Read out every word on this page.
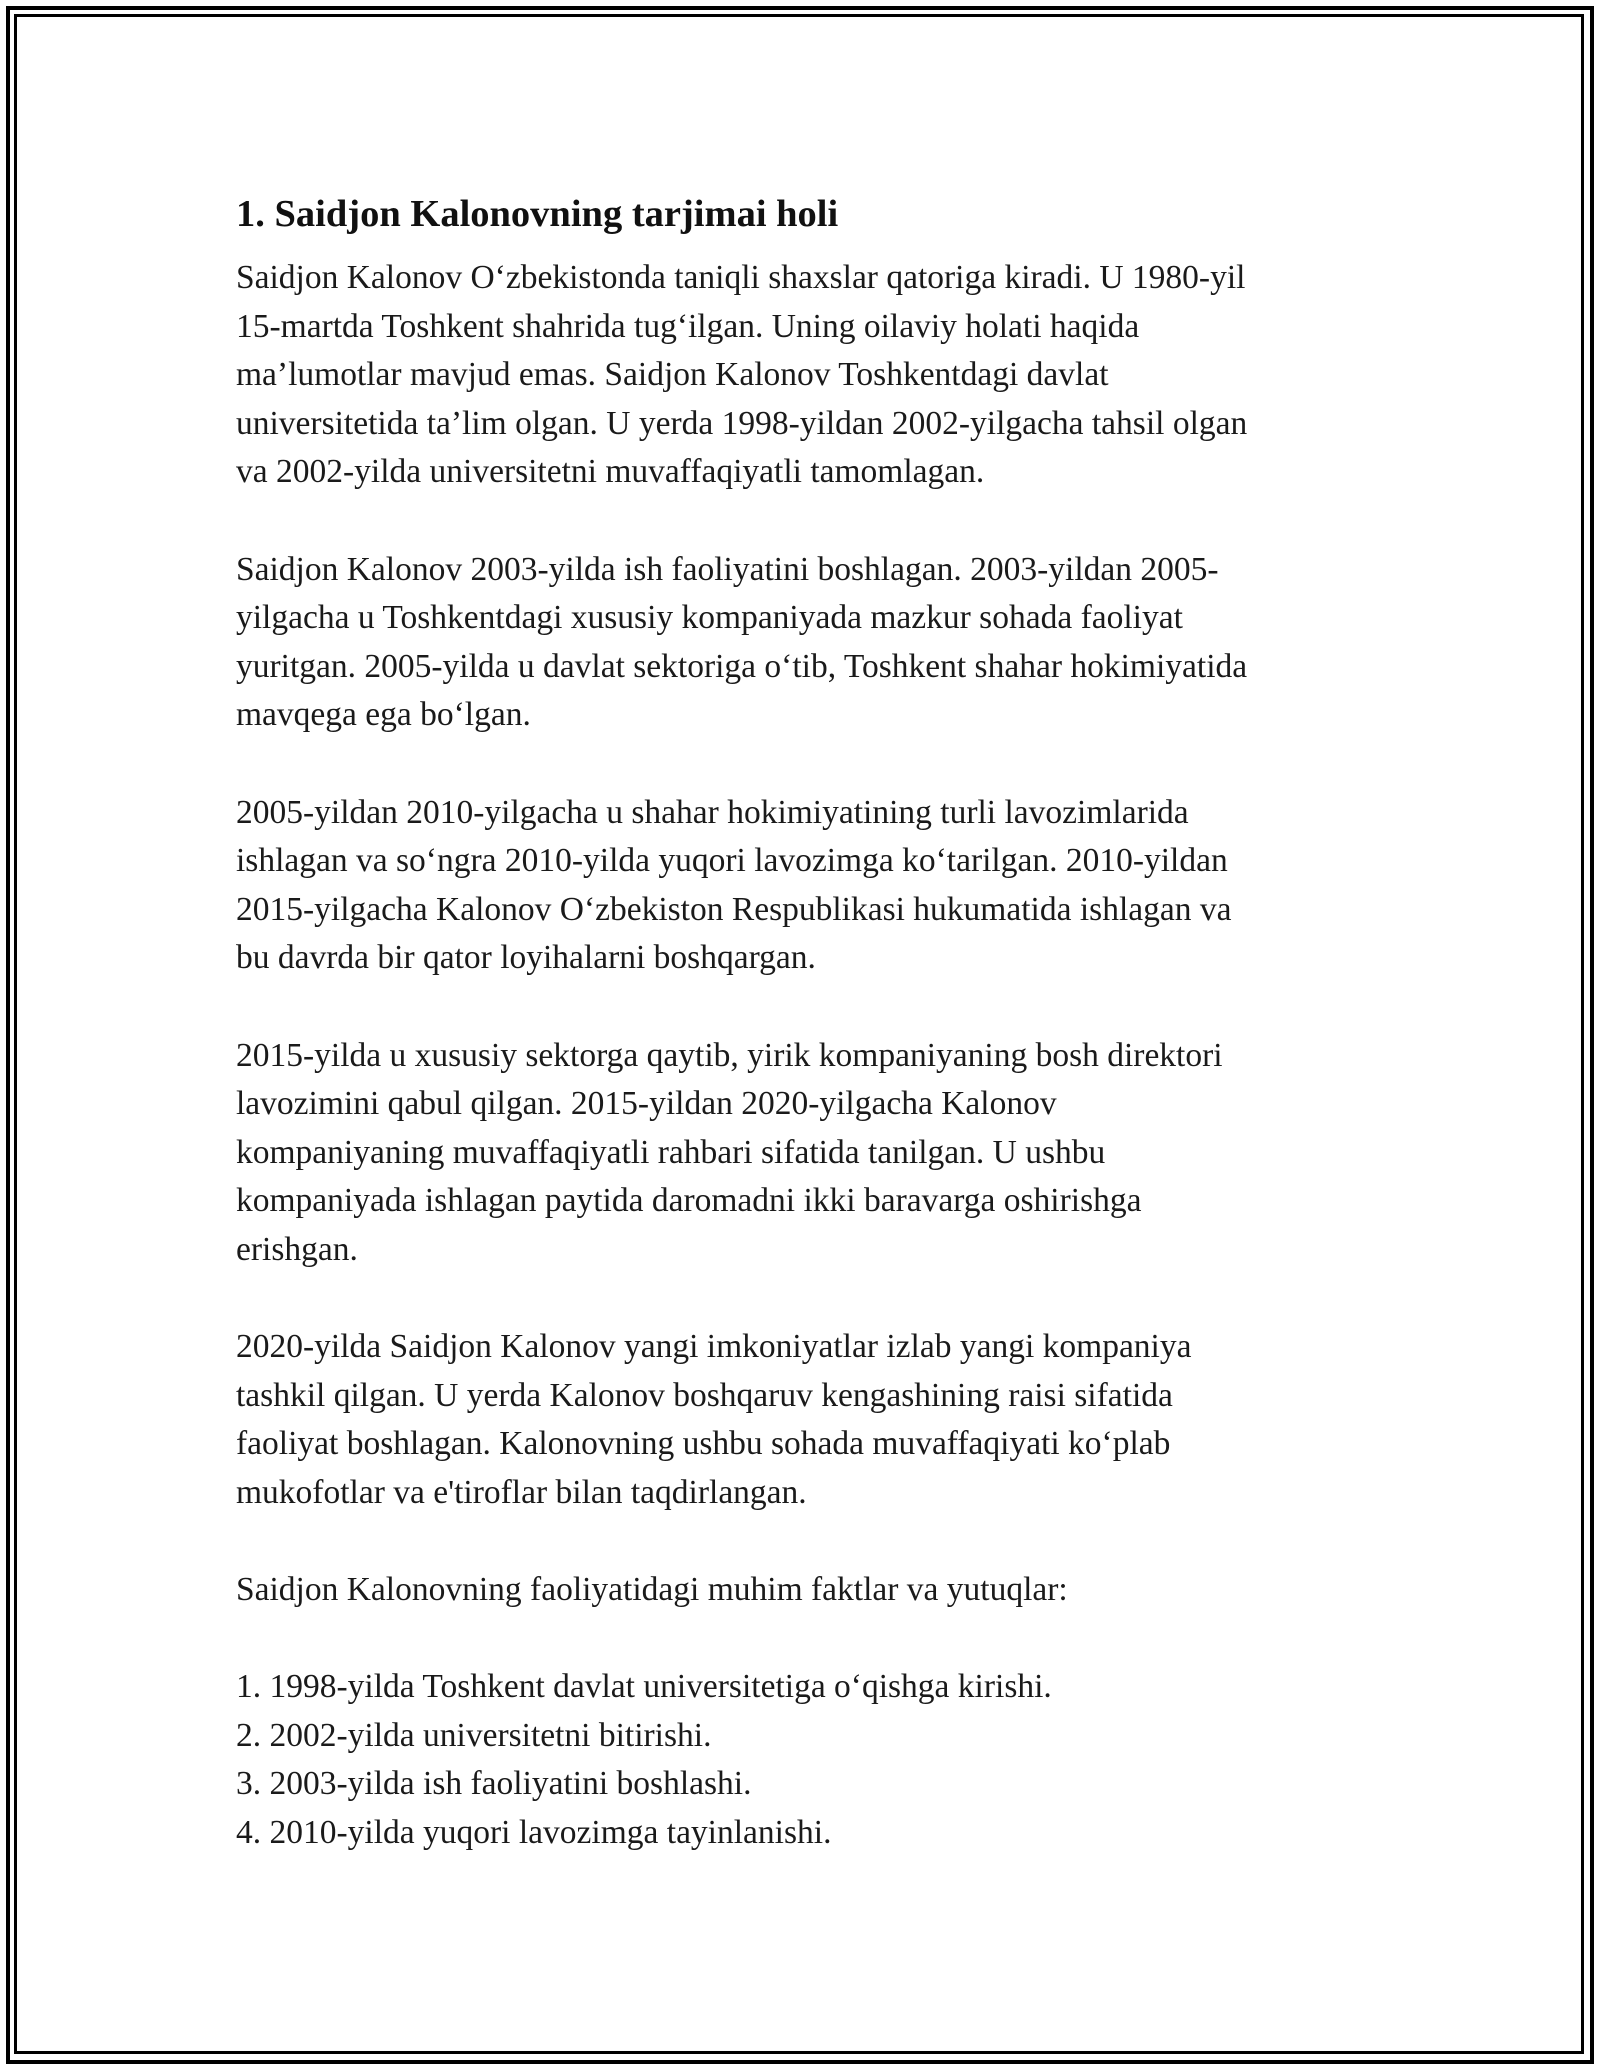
1. Saidjon Kalonovning tarjimai holi
Saidjon Kalonov O‘zbekistonda taniqli shaxslar qatoriga kiradi. U 1980-yil
15-martda Toshkent shahrida tug‘ilgan. Uning oilaviy holati haqida
ma’lumotlar mavjud emas. Saidjon Kalonov Toshkentdagi davlat
universitetida ta’lim olgan. U yerda 1998-yildan 2002-yilgacha tahsil olgan
va 2002-yilda universitetni muvaffaqiyatli tamomlagan.
Saidjon Kalonov 2003-yilda ish faoliyatini boshlagan. 2003-yildan 2005-
yilgacha u Toshkentdagi xususiy kompaniyada mazkur sohada faoliyat
yuritgan. 2005-yilda u davlat sektoriga o‘tib, Toshkent shahar hokimiyatida
mavqega ega bo‘lgan.
2005-yildan 2010-yilgacha u shahar hokimiyatining turli lavozimlarida
ishlagan va so‘ngra 2010-yilda yuqori lavozimga ko‘tarilgan. 2010-yildan
2015-yilgacha Kalonov O‘zbekiston Respublikasi hukumatida ishlagan va
bu davrda bir qator loyihalarni boshqargan.
2015-yilda u xususiy sektorga qaytib, yirik kompaniyaning bosh direktori
lavozimini qabul qilgan. 2015-yildan 2020-yilgacha Kalonov
kompaniyaning muvaffaqiyatli rahbari sifatida tanilgan. U ushbu
kompaniyada ishlagan paytida daromadni ikki baravarga oshirishga
erishgan.
2020-yilda Saidjon Kalonov yangi imkoniyatlar izlab yangi kompaniya
tashkil qilgan. U yerda Kalonov boshqaruv kengashining raisi sifatida
faoliyat boshlagan. Kalonovning ushbu sohada muvaffaqiyati ko‘plab
mukofotlar va e'tiroflar bilan taqdirlangan.
Saidjon Kalonovning faoliyatidagi muhim faktlar va yutuqlar:
1. 1998-yilda Toshkent davlat universitetiga o‘qishga kirishi.
2. 2002-yilda universitetni bitirishi.
3. 2003-yilda ish faoliyatini boshlashi.
4. 2010-yilda yuqori lavozimga tayinlanishi.
